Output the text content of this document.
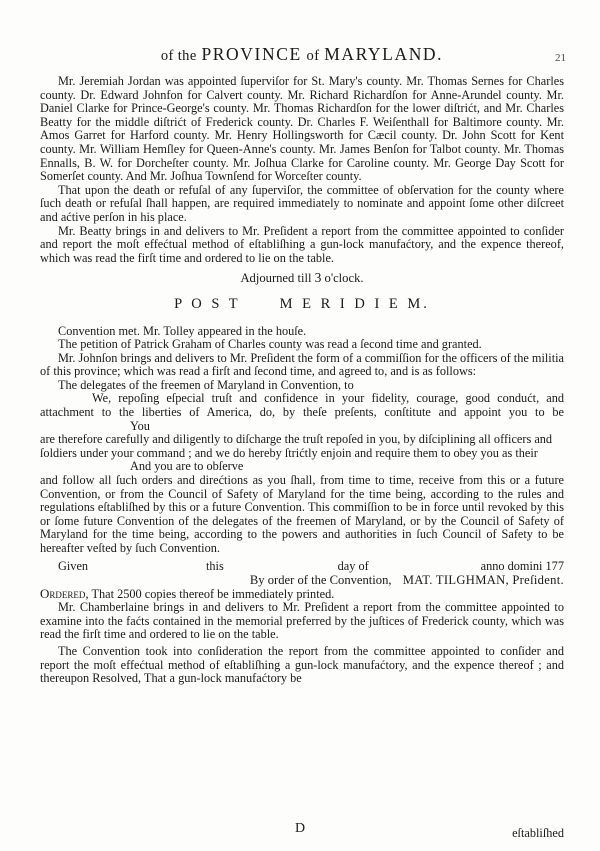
of the PROVINCE of MARYLAND.	21

Mr. Jeremiah Jordan was appointed ſuperviſor for St. Mary's county. Mr. Thomas Sernes for Charles county. Dr. Edward Johnfon for Calvert county. Mr. Richard Richardſon for Anne-Arundel county. Mr. Daniel Clarke for Prince-George's county. Mr. Thomas Richardſon for the lower diſtrićt, and Mr. Charles Beatty for the middle diſtrićt of Frederick county. Dr. Charles F. Weiſenthall for Baltimore county. Mr. Amos Garret for Harford county. Mr. Henry Hollingsworth for Cæcil county. Dr. John Scott for Kent county. Mr. William Hemſley for Queen-Anne's county. Mr. James Benſon for Talbot county. Mr. Thomas Ennalls, B. W. for Dorcheſter county. Mr. Joſhua Clarke for Caroline county. Mr. George Day Scott for Somerſet county. And Mr. Joſhua Townſend for Worceſter county.

That upon the death or refuſal of any ſuperviſor, the committee of obſervation for the county where ſuch death or refuſal ſhall happen, are required immediately to nominate and appoint ſome other diſcreet and aćtive perſon in his place.

Mr. Beatty brings in and delivers to Mr. Preſident a report from the committee appointed to conſider and report the moſt effećtual method of eſtabliſhing a gun-lock manufaćtory, and the expence thereof, which was read the firſt time and ordered to lie on the table.

Adjourned till 3 o'clock.
P O S T	M E R I D I E M.

Convention met. Mr. Tolley appeared in the houſe.

The petition of Patrick Graham of Charles county was read a ſecond time and granted.

Mr. Johnſon brings and delivers to Mr. Preſident the form of a commiſſion for the officers of the militia of this province; which was read a firſt and ſecond time, and agreed to, and is as follows:

The delegates of the freemen of Maryland in Convention, to

We, repoſing eſpecial truſt and confidence in your fidelity, courage, good condućt, and attachment to the liberties of America, do, by theſe preſents, conſtitute and appoint you to beYou

are therefore carefully and diligently to diſcharge the truſt repoſed in you, by diſciplining all officers and ſoldiers under your command ; and we do hereby ſtrićtly enjoin and require them to obey you as theirAnd you are to obſerve

and follow all ſuch orders and direćtions as you ſhall, from time to time, receive from this or a future Convention, or from the Council of Safety of Maryland for the time being, according to the rules and regulations eſtabliſhed by this or a future Convention. This commiſſion to be in force until revoked by this or ſome future Convention of the delegates of the freemen of Maryland, or by the Council of Safety of Maryland for the time being, according to the powers and authorities in ſuch Council of Safety to be hereafter veſted by ſuch Convention.

Given	this	day of	anno domini 177
By order of the Convention, MAT. TILGHMAN, Preſident.

Ordered, That 2500 copies thereof be immediately printed.

Mr. Chamberlaine brings in and delivers to Mr. Preſident a report from the committee appointed to examine into the faćts contained in the memorial preferred by the juſtices of Frederick county, which was read the firſt time and ordered to lie on the table.

The Convention took into conſideration the report from the committee appointed to conſider and report the moſt effećtual method of eſtabliſhing a gun-lock manufaćtory, and the expence thereof ; and thereupon Resolved, That a gun-lock manufaćtory be

D	eſtabliſhed
